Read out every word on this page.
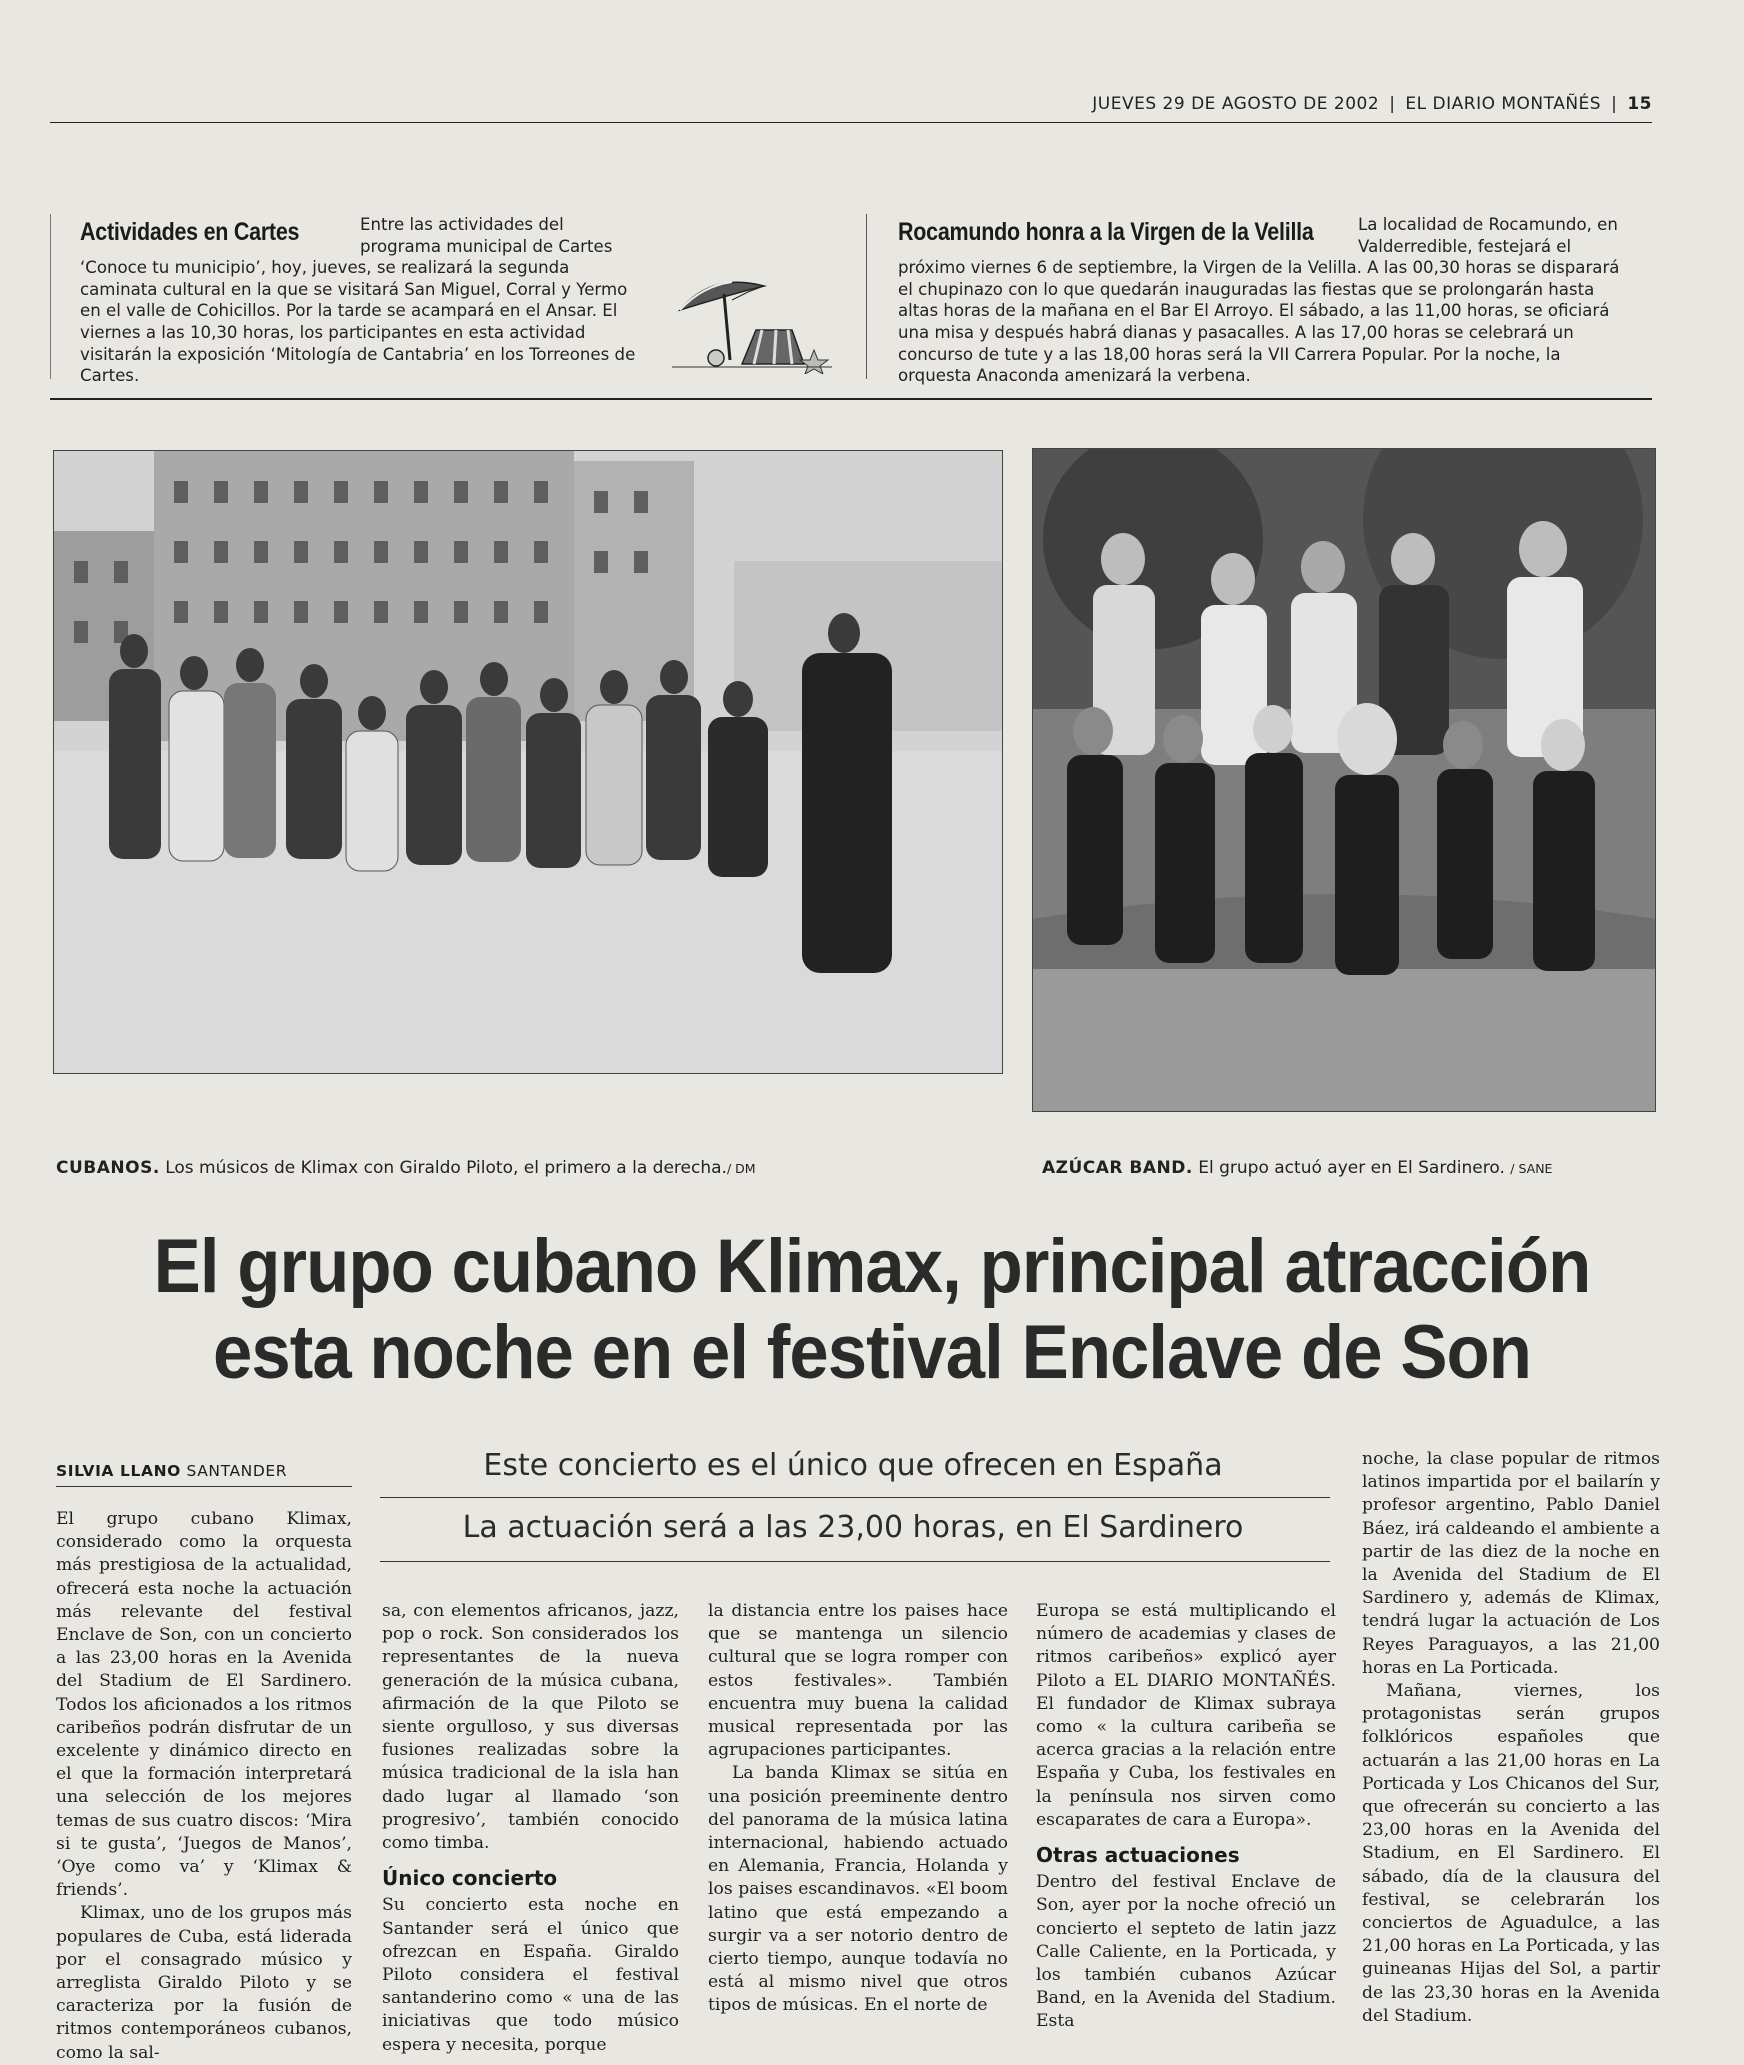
JUEVES 29 DE AGOSTO DE 2002 | EL DIARIO MONTAÑÉS | 15
Actividades en Cartes	Entre las actividades del programa municipal de Cartes ‘Conoce tu municipio’, hoy, jueves, se realizará la segunda caminata cultural en la que se visitará San Miguel, Corral y Yermo en el valle de Cohicillos. Por la tarde se acampará en el Ansar. El viernes a las 10,30 horas, los participantes en esta actividad visitarán la exposición ‘Mitología de Cantabria’ en los Torreones de Cartes.
Rocamundo honra a la Virgen de la Velilla	La localidad de Rocamundo, en Valderredible, festejará el próximo viernes 6 de septiembre, la Virgen de la Velilla. A las 00,30 horas se disparará el chupinazo con lo que quedarán inauguradas las fiestas que se prolongarán hasta altas horas de la mañana en el Bar El Arroyo. El sábado, a las 11,00 horas, se oficiará una misa y después habrá dianas y pasacalles. A las 17,00 horas se celebrará un concurso de tute y a las 18,00 horas será la VII Carrera Popular. Por la noche, la orquesta Anaconda amenizará la verbena.
CUBANOS. Los músicos de Klimax con Giraldo Piloto, el primero a la derecha./ DM	AZÚCAR BAND. El grupo actuó ayer en El Sardinero. / SANE
El grupo cubano Klimax, principal atracción
esta noche en el festival Enclave de Son
SILVIA LLANO SANTANDER	Este concierto es el único que ofrecen en España
La actuación será a las 23,00 horas, en El Sardinero

El grupo cubano Klimax, considerado como la orquesta más prestigiosa de la actualidad, ofrecerá esta noche la actuación más relevante del festival Enclave de Son, con un concierto a las 23,00 horas en la Avenida del Stadium de El Sardinero. Todos los aficionados a los ritmos caribeños podrán disfrutar de un excelente y dinámico directo en el que la formación interpretará una selección de los mejores temas de sus cuatro discos: ‘Mira si te gusta’, ‘Juegos de Manos’, ‘Oye como va’ y ‘Klimax & friends’.

Klimax, uno de los grupos más populares de Cuba, está liderada por el consagrado músico y arreglista Giraldo Piloto y se caracteriza por la fusión de ritmos contemporáneos cubanos, como la sal-

sa, con elementos africanos, jazz, pop o rock. Son considerados los representantes de la nueva generación de la música cubana, afirmación de la que Piloto se siente orgulloso, y sus diversas fusiones realizadas sobre la música tradicional de la isla han dado lugar al llamado ‘son progresivo’, también conocido como timba.

Único concierto

Su concierto esta noche en Santander será el único que ofrezcan en España. Giraldo Piloto considera el festival santanderino como « una de las iniciativas que todo músico espera y necesita, porque

la distancia entre los paises hace que se mantenga un silencio cultural que se logra romper con estos festivales». También encuentra muy buena la calidad musical representada por las agrupaciones participantes.

La banda Klimax se sitúa en una posición preeminente dentro del panorama de la música latina internacional, habiendo actuado en Alemania, Francia, Holanda y los paises escandinavos. «El boom latino que está empezando a surgir va a ser notorio dentro de cierto tiempo, aunque todavía no está al mismo nivel que otros tipos de músicas. En el norte de

Europa se está multiplicando el número de academias y clases de ritmos caribeños» explicó ayer Piloto a EL DIARIO MONTAÑÉS. El fundador de Klimax subraya como « la cultura caribeña se acerca gracias a la relación entre España y Cuba, los festivales en la península nos sirven como escaparates de cara a Europa».

Otras actuaciones

Dentro del festival Enclave de Son, ayer por la noche ofreció un concierto el septeto de latin jazz Calle Caliente, en la Porticada, y los también cubanos Azúcar Band, en la Avenida del Stadium. Esta

noche, la clase popular de ritmos latinos impartida por el bailarín y profesor argentino, Pablo Daniel Báez, irá caldeando el ambiente a partir de las diez de la noche en la Avenida del Stadium de El Sardinero y, además de Klimax, tendrá lugar la actuación de Los Reyes Paraguayos, a las 21,00 horas en La Porticada.

Mañana, viernes, los protagonistas serán grupos folklóricos españoles que actuarán a las 21,00 horas en La Porticada y Los Chicanos del Sur, que ofrecerán su concierto a las 23,00 horas en la Avenida del Stadium, en El Sardinero. El sábado, día de la clausura del festival, se celebrarán los conciertos de Aguadulce, a las 21,00 horas en La Porticada, y las guineanas Hijas del Sol, a partir de las 23,30 horas en la Avenida del Stadium.
